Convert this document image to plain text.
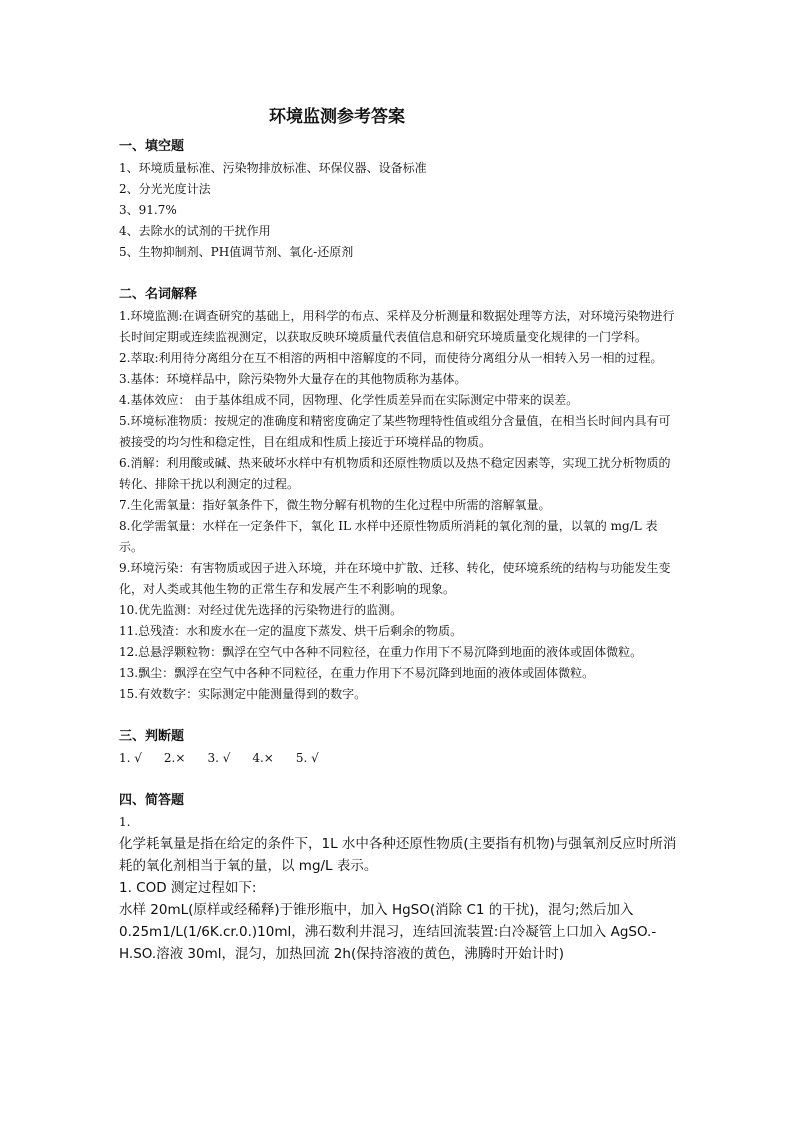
环境监测参考答案
一、填空题

1、环境质量标准、污染物排放标准、环保仪器、设备标准

2、分光光度计法

3、91.7%

4、去除水的试剂的干扰作用

5、生物抑制剂、PH值调节剂、氧化-还原剂

二、名词解释

1.环境监测:在调查研究的基础上，用科学的布点、采样及分析测量和数据处理等方法，对环境污染物进行长时间定期或连续监视测定，以获取反映环境质量代表值信息和研究环境质量变化规律的一门学科。

2.萃取:利用待分离组分在互不相溶的两相中溶解度的不同，而使待分离组分从一相转入另一相的过程。

3.基体：环境样品中，除污染物外大量存在的其他物质称为基体。

4.基体效应： 由于基体组成不同，因物理、化学性质差异而在实际测定中带来的误差。

5.环境标准物质：按规定的准确度和精密度确定了某些物理特性值或组分含量值，在相当长时间内具有可被接受的均匀性和稳定性，目在组成和性质上接近于环境样品的物质。

6.消解：利用酸或碱、热来破坏水样中有机物质和还原性物质以及热不稳定因素等，实现工扰分析物质的转化、排除干扰以利测定的过程。

7.生化需氧量：指好氧条件下，微生物分解有机物的生化过程中所需的溶解氧量。

8.化学需氧量：水样在一定条件下，氧化 IL 水样中还原性物质所消耗的氧化剂的量，以氧的 mg/L 表示。

9.环境污染：有害物质或因子进入环境，并在环境中扩散、迁移、转化，使环境系统的结构与功能发生变化，对人类或其他生物的正常生存和发展产生不利影响的现象。

10.优先监测：对经过优先选择的污染物进行的监测。

11.总残渣：水和废水在一定的温度下蒸发、烘干后剩余的物质。

12.总悬浮颗粒物：飘浮在空气中各种不同粒径，在重力作用下不易沉降到地面的液体或固体微粒。

13.飘尘：飘浮在空气中各种不同粒径，在重力作用下不易沉降到地面的液体或固体微粒。

15.有效数字：实际测定中能测量得到的数字。

三、判断题
1. √ 2.× 3. √ 4.× 5. √
四、简答题

1.

化学耗氧量是指在给定的条件下，1L 水中各种还原性物质(主要指有机物)与强氧剂反应时所消耗的氧化剂相当于氧的量，以 mg/L 表示。

1. COD 测定过程如下:

水样 20mL(原样或经稀释)于锥形瓶中，加入 HgSO(消除 C1 的干扰)，混匀;然后加入 0.25m1/L(1/6K.cr.0.)10ml，沸石数利井混习，连结回流装置:白冷凝管上口加入 AgSO.-H.SO.溶液 30ml，混匀，加热回流 2h(保持溶液的黄色，沸腾时开始计时)
